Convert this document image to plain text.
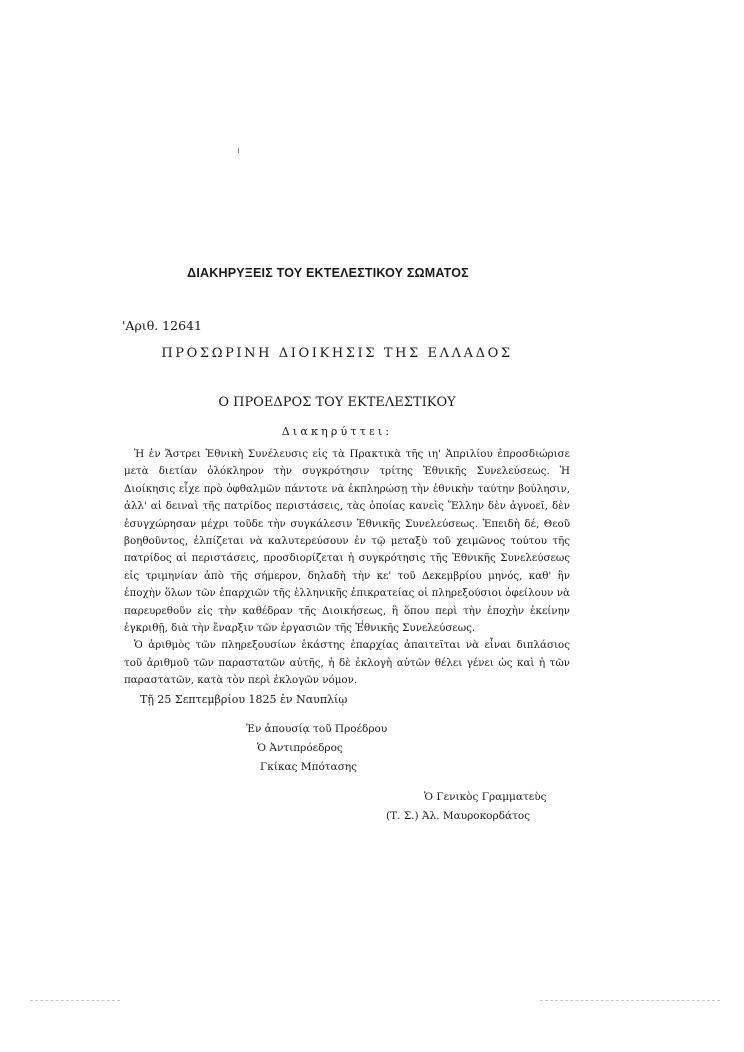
ΔΙΑΚΗΡΥΞΕΙΣ ΤΟΥ ΕΚΤΕΛΕΣΤΙΚΟΥ ΣΩΜΑΤΟΣ
'Αριθ. 12641
ΠΡΟΣΩΡΙΝΗ ΔΙΟΙΚΗΣΙΣ ΤΗΣ ΕΛΛΑΔΟΣ
Ο ΠΡΟΕΔΡΟΣ ΤΟΥ ΕΚΤΕΛΕΣΤΙΚΟΥ
Διακηρύττει:

Ἡ ἐν Ἄστρει Ἐθνικὴ Συνέλευσις εἰς τὰ Πρακτικὰ τῆς ιη' Ἀπριλίου ἐπροσδιώρισε μετὰ διετίαν ὁλόκληρον τὴν συγκρότησιν τρίτης Ἐθνικῆς Συνελεύσεως. Ἡ Διοίκησις εἶχε πρὸ ὀφθαλμῶν πάντοτε νὰ ἐκπληρώσῃ τὴν ἐθνικὴν ταύτην βούλησιν, ἀλλ' αἱ δειναὶ τῆς πατρίδος περιστάσεις, τὰς ὁποίας κανεὶς Ἕλλην δὲν ἀγνοεῖ, δὲν ἐσυγχώρησαν μέχρι τοῦδε τὴν συγκάλεσιν Ἐθνικῆς Συνελεύσεως. Ἐπειδὴ δέ, Θεοῦ βοηθοῦντος, ἐλπίζεται νὰ καλυτερεύσουν ἐν τῷ μεταξὺ τοῦ χειμῶνος τούτου τῆς πατρίδος αἱ περιστάσεις, προσδιορίζεται ἡ συγκρότησις τῆς Ἐθνικῆς Συνελεύσεως εἰς τριμηνίαν ἀπὸ τῆς σήμερον, δηλαδὴ τὴν κε' τοῦ Δεκεμβρίου μηνός, καθ' ἣν ἐποχὴν ὅλων τῶν ἐπαρχιῶν τῆς ἑλληνικῆς ἐπικρατείας οἱ πληρεξούσιοι ὀφείλουν νὰ παρευρεθοῦν εἰς τὴν καθέδραν τῆς Διοικήσεως, ἣ ὅπου περὶ τὴν ἐποχὴν ἐκείνην ἐγκριθῇ, διὰ τὴν ἔναρξιν τῶν ἐργασιῶν τῆς Ἐθνικῆς Συνελεύσεως.

Ὁ ἀριθμὸς τῶν πληρεξουσίων ἑκάστης ἐπαρχίας ἀπαιτεῖται νὰ εἶναι διπλάσιος τοῦ ἀριθμοῦ τῶν παραστατῶν αὐτῆς, ἡ δὲ ἐκλογὴ αὐτῶν θέλει γένει ὡς καὶ ἡ τῶν παραστατῶν, κατὰ τὸν περὶ ἐκλογῶν νόμον.

Τῇ 25 Σεπτεμβρίου 1825 ἐν Ναυπλίῳ
Ἐν ἀπουσίᾳ τοῦ Προέδρου
Ὁ Ἀντιπρόεδρος
Γκίκας Μπότασης
Ὁ Γενικὸς Γραμματεὺς
(Τ. Σ.) Ἀλ. Μαυροκορδάτος
